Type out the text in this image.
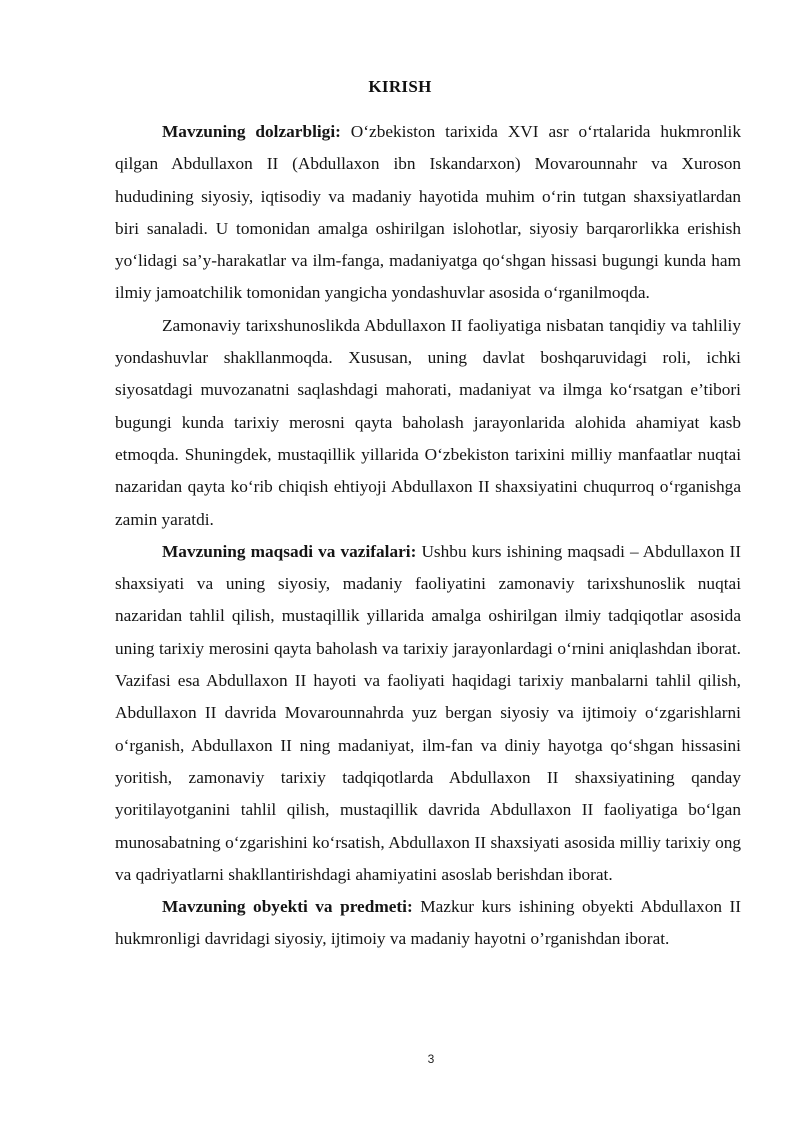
KIRISH

Mavzuning dolzarbligi: O‘zbekiston tarixida XVI asr o‘rtalarida hukmronlik qilgan Abdullaxon II (Abdullaxon ibn Iskandarxon) Movarounnahr va Xuroson hududining siyosiy, iqtisodiy va madaniy hayotida muhim o‘rin tutgan shaxsiyatlardan biri sanaladi. U tomonidan amalga oshirilgan islohotlar, siyosiy barqarorlikka erishish yo‘lidagi sa’y-harakatlar va ilm-fanga, madaniyatga qo‘shgan hissasi bugungi kunda ham ilmiy jamoatchilik tomonidan yangicha yondashuvlar asosida o‘rganilmoqda.

Zamonaviy tarixshunoslikda Abdullaxon II faoliyatiga nisbatan tanqidiy va tahliliy yondashuvlar shakllanmoqda. Xususan, uning davlat boshqaruvidagi roli, ichki siyosatdagi muvozanatni saqlashdagi mahorati, madaniyat va ilmga ko‘rsatgan e’tibori bugungi kunda tarixiy merosni qayta baholash jarayonlarida alohida ahamiyat kasb etmoqda. Shuningdek, mustaqillik yillarida O‘zbekiston tarixini milliy manfaatlar nuqtai nazaridan qayta ko‘rib chiqish ehtiyoji Abdullaxon II shaxsiyatini chuqurroq o‘rganishga zamin yaratdi.

Mavzuning maqsadi va vazifalari: Ushbu kurs ishining maqsadi – Abdullaxon II shaxsiyati va uning siyosiy, madaniy faoliyatini zamonaviy tarixshunoslik nuqtai nazaridan tahlil qilish, mustaqillik yillarida amalga oshirilgan ilmiy tadqiqotlar asosida uning tarixiy merosini qayta baholash va tarixiy jarayonlardagi o‘rnini aniqlashdan iborat. Vazifasi esa Abdullaxon II hayoti va faoliyati haqidagi tarixiy manbalarni tahlil qilish, Abdullaxon II davrida Movarounnahrda yuz bergan siyosiy va ijtimoiy o‘zgarishlarni o‘rganish, Abdullaxon II ning madaniyat, ilm-fan va diniy hayotga qo‘shgan hissasini yoritish, zamonaviy tarixiy tadqiqotlarda Abdullaxon II shaxsiyatining qanday yoritilayotganini tahlil qilish, mustaqillik davrida Abdullaxon II faoliyatiga bo‘lgan munosabatning o‘zgarishini ko‘rsatish, Abdullaxon II shaxsiyati asosida milliy tarixiy ong va qadriyatlarni shakllantirishdagi ahamiyatini asoslab berishdan iborat.

Mavzuning obyekti va predmeti: Mazkur kurs ishining obyekti Abdullaxon II hukmronligi davridagi siyosiy, ijtimoiy va madaniy hayotni o’rganishdan iborat.

3
